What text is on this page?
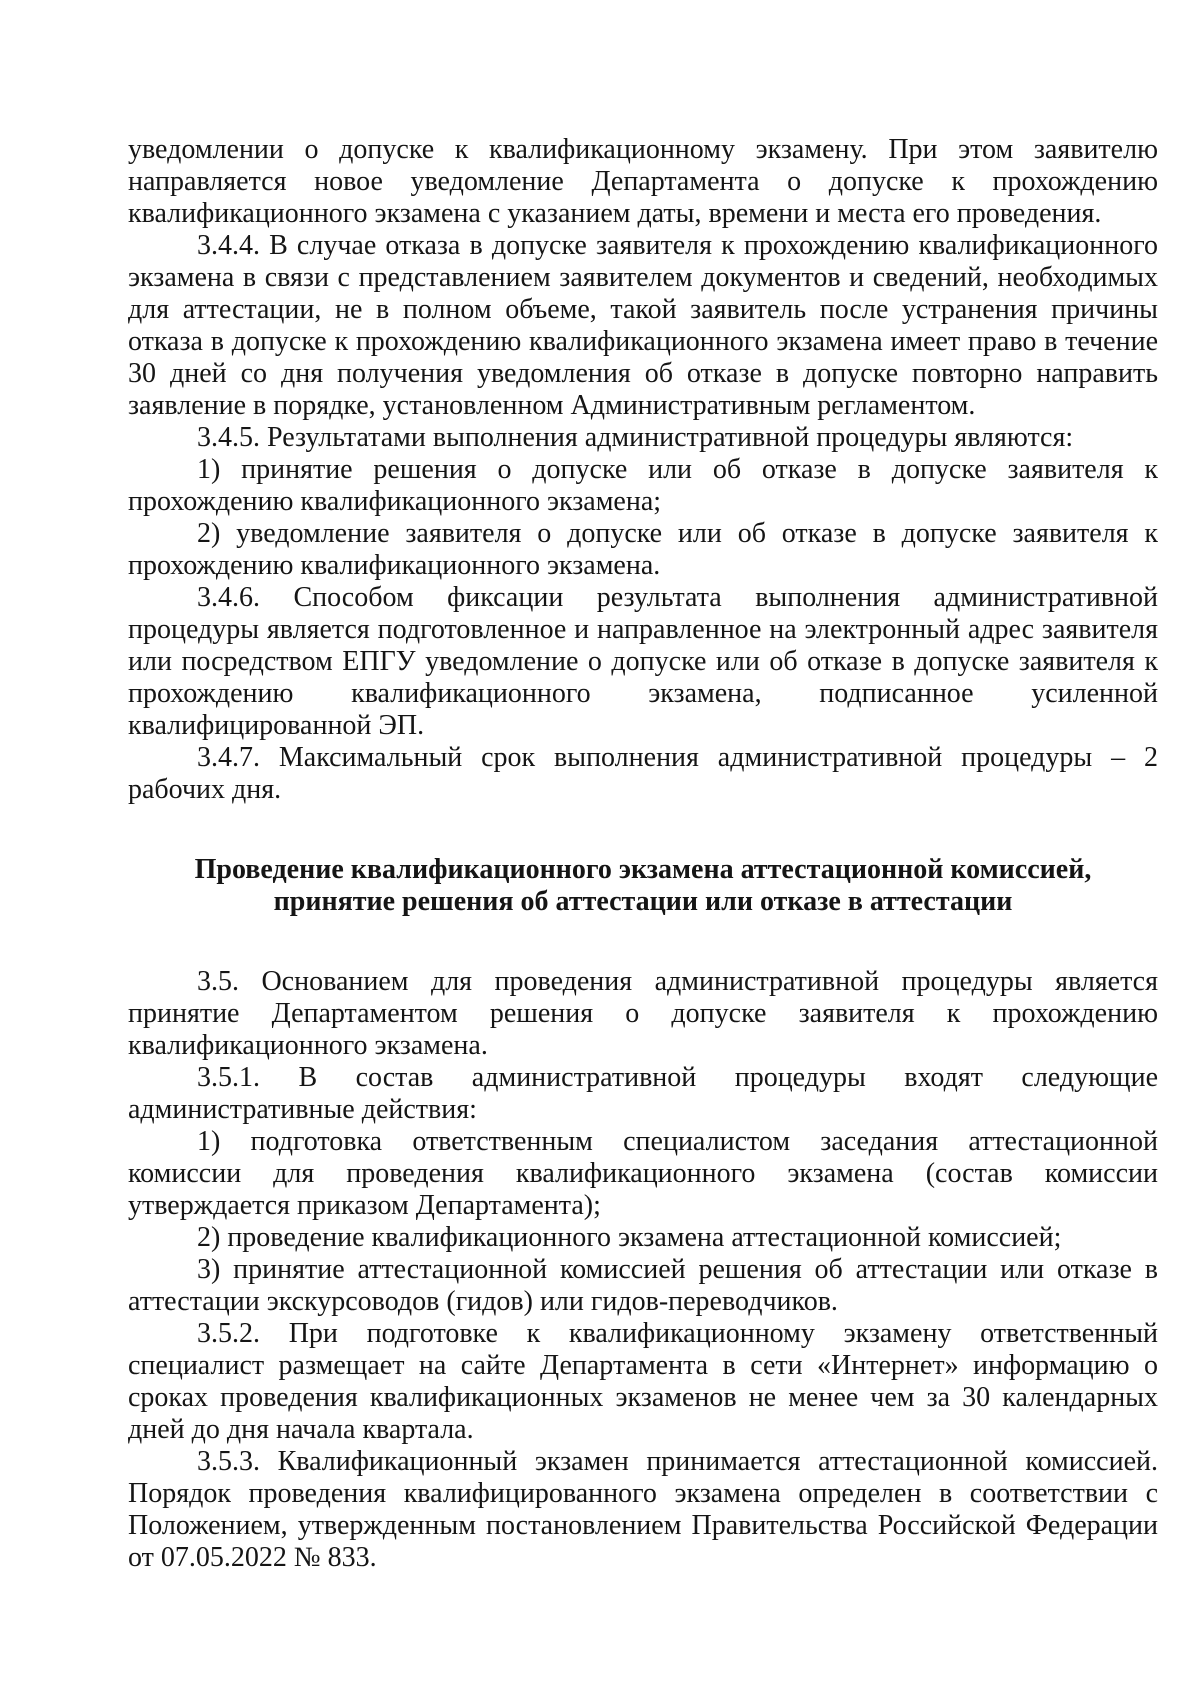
уведомлении о допуске к квалификационному экзамену. При этом заявителю направляется новое уведомление Департамента о допуске к прохождению квалификационного экзамена с указанием даты, времени и места его проведения.

3.4.4. В случае отказа в допуске заявителя к прохождению квалификационного экзамена в связи с представлением заявителем документов и сведений, необходимых для аттестации, не в полном объеме, такой заявитель после устранения причины отказа в допуске к прохождению квалификационного экзамена имеет право в течение 30 дней со дня получения уведомления об отказе в допуске повторно направить заявление в порядке, установленном Административным регламентом.

3.4.5. Результатами выполнения административной процедуры являются:

1) принятие решения о допуске или об отказе в допуске заявителя к прохождению квалификационного экзамена;

2) уведомление заявителя о допуске или об отказе в допуске заявителя к прохождению квалификационного экзамена.

3.4.6. Способом фиксации результата выполнения административной процедуры является подготовленное и направленное на электронный адрес заявителя или посредством ЕПГУ уведомление о допуске или об отказе в допуске заявителя к прохождению квалификационного экзамена, подписанное усиленной квалифицированной ЭП.

3.4.7. Максимальный срок выполнения административной процедуры – 2 рабочих дня.

Проведение квалификационного экзамена аттестационной комиссией,

принятие решения об аттестации или отказе в аттестации

3.5. Основанием для проведения административной процедуры является принятие Департаментом решения о допуске заявителя к прохождению квалификационного экзамена.

3.5.1. В состав административной процедуры входят следующие административные действия:

1) подготовка ответственным специалистом заседания аттестационной комиссии для проведения квалификационного экзамена (состав комиссии утверждается приказом Департамента);

2) проведение квалификационного экзамена аттестационной комиссией;

3) принятие аттестационной комиссией решения об аттестации или отказе в аттестации экскурсоводов (гидов) или гидов-переводчиков.

3.5.2. При подготовке к квалификационному экзамену ответственный специалист размещает на сайте Департамента в сети «Интернет» информацию о сроках проведения квалификационных экзаменов не менее чем за 30 календарных дней до дня начала квартала.

3.5.3. Квалификационный экзамен принимается аттестационной комиссией. Порядок проведения квалифицированного экзамена определен в соответствии с Положением, утвержденным постановлением Правительства Российской Федерации от 07.05.2022 № 833.
